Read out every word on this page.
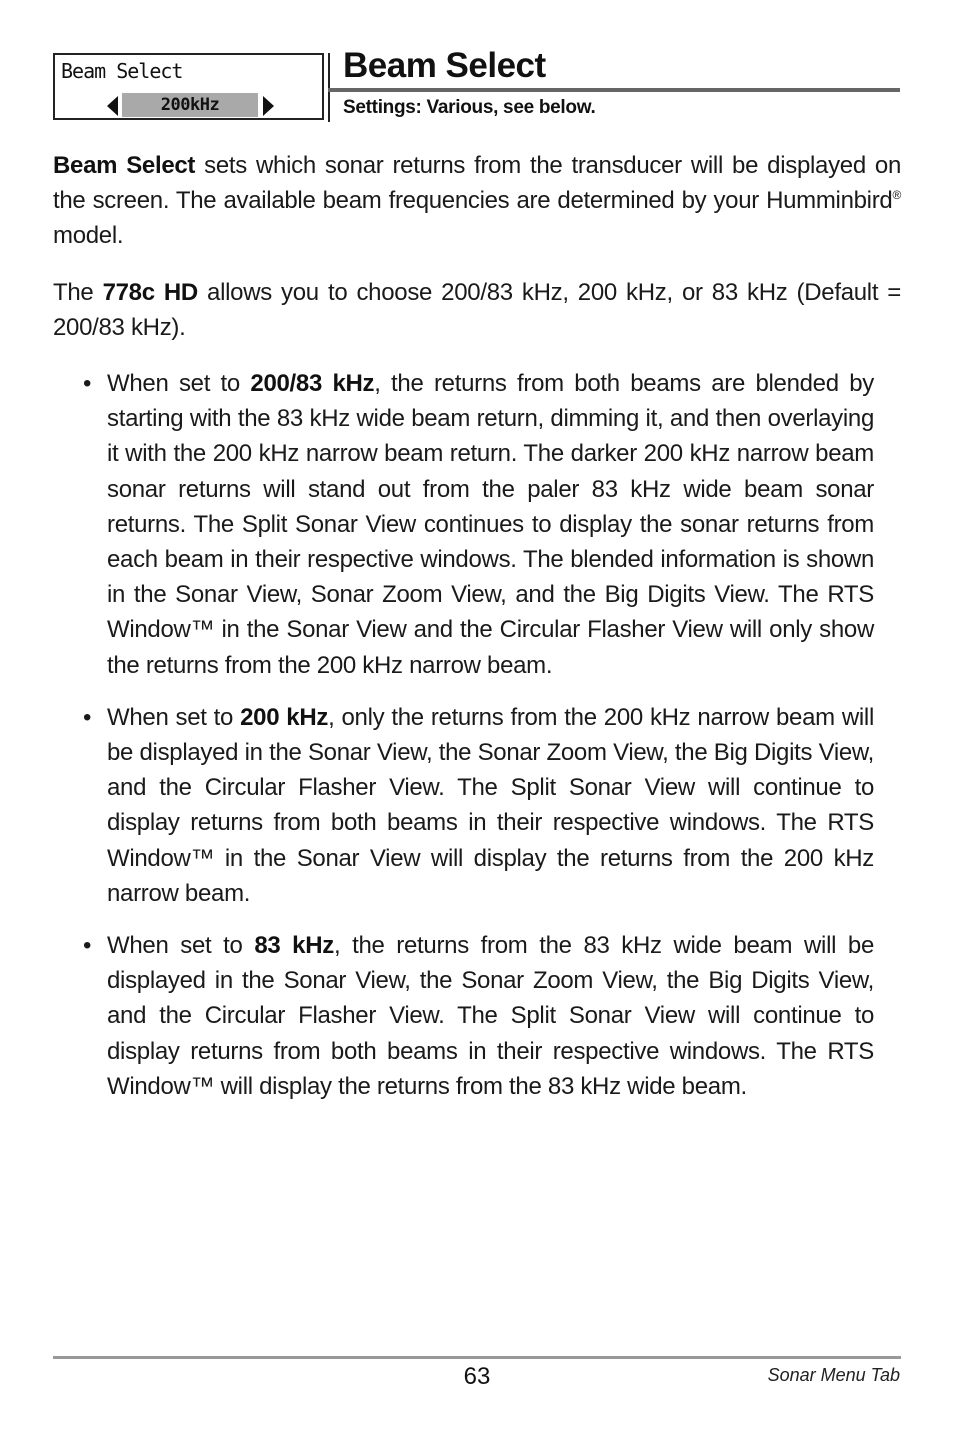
Beam Select
200kHz
Beam Select
Settings: Various, see below.

Beam Select sets which sonar returns from the transducer will be displayed on the screen. The available beam frequencies are determined by your Humminbird® model.

The 778c HD allows you to choose 200/83 kHz, 200 kHz, or 83 kHz (Default = 200/83 kHz).

• When set to 200/83 kHz, the returns from both beams are blended by starting with the 83 kHz wide beam return, dimming it, and then overlaying it with the 200 kHz narrow beam return. The darker 200 kHz narrow beam sonar returns will stand out from the paler 83 kHz wide beam sonar returns. The Split Sonar View continues to display the sonar returns from each beam in their respective windows. The blended information is shown in the Sonar View, Sonar Zoom View, and the Big Digits View. The RTS Window™ in the Sonar View and the Circular Flasher View will only show the returns from the 200 kHz narrow beam.
• When set to 200 kHz, only the returns from the 200 kHz narrow beam will be displayed in the Sonar View, the Sonar Zoom View, the Big Digits View, and the Circular Flasher View. The Split Sonar View will continue to display returns from both beams in their respective windows. The RTS Window™ in the Sonar View will display the returns from the 200 kHz narrow beam.
• When set to 83 kHz, the returns from the 83 kHz wide beam will be displayed in the Sonar View, the Sonar Zoom View, the Big Digits View, and the Circular Flasher View. The Split Sonar View will continue to display returns from both beams in their respective windows. The RTS Window™ will display the returns from the 83 kHz wide beam.
63	Sonar Menu Tab
